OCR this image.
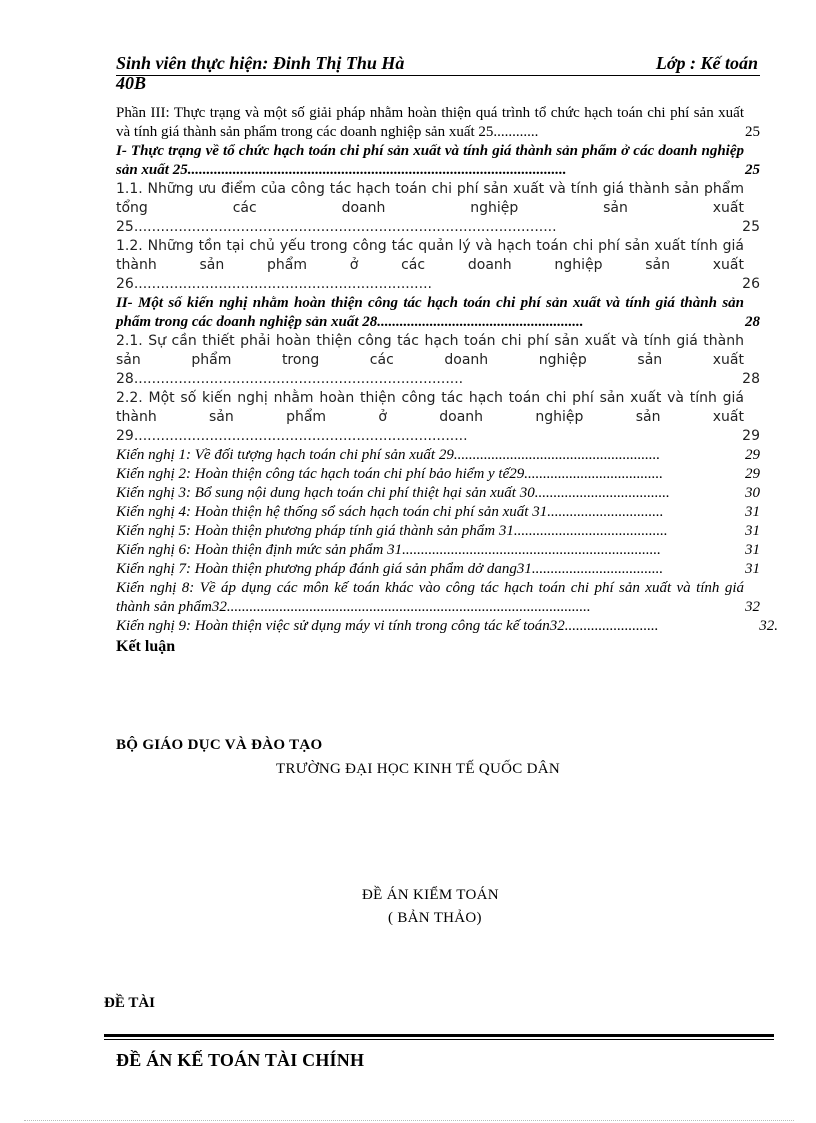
Sinh viên thực hiện: Đinh Thị Thu Hà	Lớp : Kế toán
40B
Phần III: Thực trạng và một số giải pháp nhằm hoàn thiện quá trình tổ chức hạch toán chi phí sản xuất và tính giá thành sản phẩm trong các doanh nghiệp sản xuất 25............	25
I- Thực trạng về tổ chức hạch toán chi phí sản xuất và tính giá thành sản phẩm ở các doanh nghiệp sản xuất 25.....................................................................................................	25
1.1. Những ưu điểm của công tác hạch toán chi phí sản xuất và tính giá thành sản phẩm tổng các doanh nghiệp sản xuất 25...............................................................................................	25
1.2. Những tồn tại chủ yếu trong công tác quản lý và hạch toán chi phí sản xuất tính giá thành sản phẩm ở các doanh nghiệp sản xuất 26...................................................................	26
II- Một số kiến nghị nhằm hoàn thiện công tác hạch toán chi phí sản xuất và tính giá thành sản phẩm trong các doanh nghiệp sản xuất 28.......................................................	28
2.1. Sự cần thiết phải hoàn thiện công tác hạch toán chi phí sản xuất và tính giá thành sản phẩm trong các doanh nghiệp sản xuất 28..........................................................................	28
2.2. Một số kiến nghị nhằm hoàn thiện công tác hạch toán chi phí sản xuất và tính giá thành sản phẩm ở doanh nghiệp sản xuất 29...........................................................................	29
Kiến nghị 1: Về đối tượng hạch toán chi phí sản xuất 29.......................................................	29
Kiến nghị 2: Hoàn thiện công tác hạch toán chi phí bảo hiểm y tế29.....................................	29
Kiến nghị 3: Bổ sung nội dung hạch toán chi phí thiệt hại sản xuất 30....................................	30
Kiến nghị 4: Hoàn thiện hệ thống sổ sách hạch toán chi phí sản xuất 31...............................	31
Kiến nghị 5: Hoàn thiện phương pháp tính giá thành sản phẩm 31.........................................	31
Kiến nghị 6: Hoàn thiện định mức sản phẩm 31.....................................................................	31
Kiến nghị 7: Hoàn thiện phương pháp đánh giá sản phẩm dở dang31...................................	31
Kiến nghị 8: Về áp dụng các môn kế toán khác vào công tác hạch toán chi phí sản xuất và tính giá thành sản phẩm32.................................................................................................	32
Kiến nghị 9: Hoàn thiện việc sử dụng máy vi tính trong công tác kế toán32.........................	32.
Kết luận
BỘ GIÁO DỤC VÀ ĐÀO TẠO
TRƯỜNG ĐẠI HỌC KINH TẾ QUỐC DÂN
ĐỀ ÁN KIỂM TOÁN
( BẢN THẢO)
ĐỀ TÀI
ĐỀ ÁN KẾ TOÁN TÀI CHÍNH
